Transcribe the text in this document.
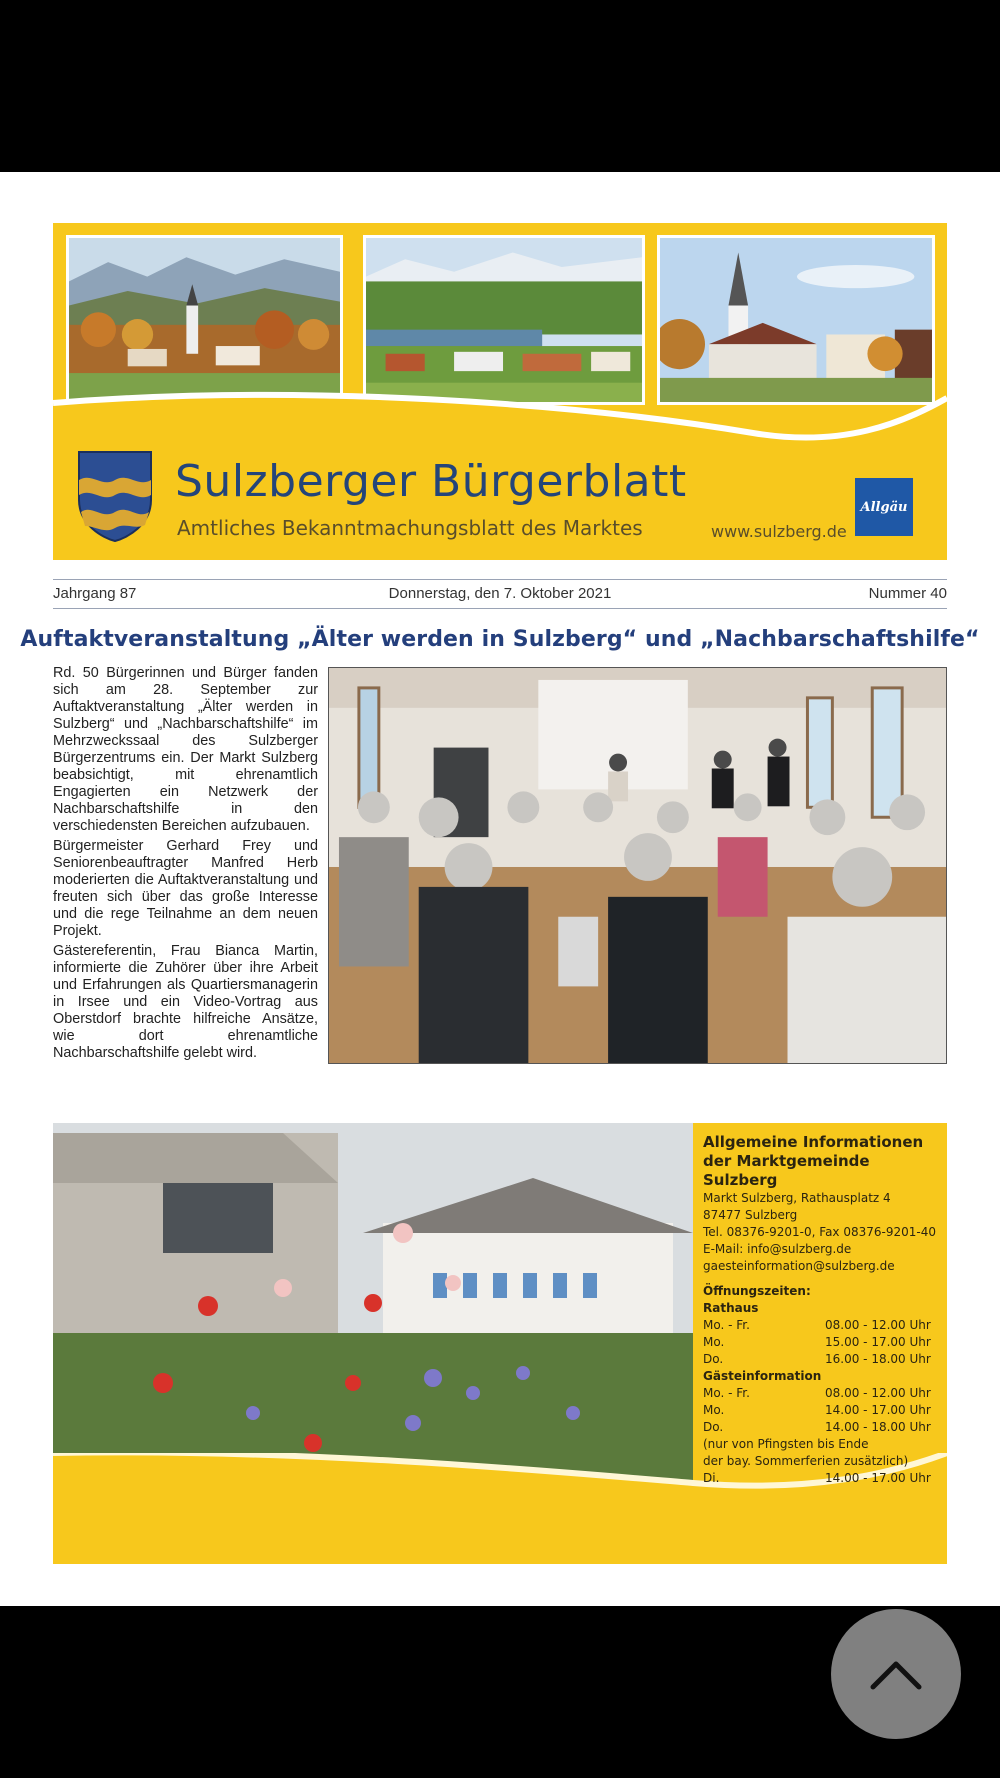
Sulzberger Bürgerblatt
Amtliches Bekanntmachungsblatt des Marktes	www.sulzberg.de
Allgäu
Donnerstag, den 7. Oktober 2021
Jahrgang 87	Nummer 40
Auftaktveranstaltung „Älter werden in Sulzberg“ und „Nachbarschaftshilfe“

Rd. 50 Bürgerinnen und Bürger fanden sich am 28. September zur Auftaktveranstaltung „Älter werden in Sulzberg“ und „Nachbarschaftshilfe“ im Mehrzweckssaal des Sulzberger Bürgerzentrums ein. Der Markt Sulzberg beabsichtigt, mit ehrenamtlich Engagierten ein Netzwerk der Nachbarschaftshilfe in den verschiedensten Bereichen aufzubauen.

Bürgermeister Gerhard Frey und Seniorenbeauftragter Manfred Herb moderierten die Auftaktveranstaltung und freuten sich über das große Interesse und die rege Teilnahme an dem neuen Projekt.

Gästereferentin, Frau Bianca Martin, informierte die Zuhörer über ihre Arbeit und Erfahrungen als Quartiersmanagerin in Irsee und ein Video-Vortrag aus Oberstdorf brachte hilfreiche Ansätze, wie dort ehrenamtliche Nachbarschaftshilfe gelebt wird.

Allgemeine Informationen
der Marktgemeinde Sulzberg
Markt Sulzberg, Rathausplatz 4
87477 Sulzberg
Tel. 08376-9201-0, Fax 08376-9201-40
E-Mail: info@sulzberg.de
gaesteinformation@sulzberg.de
Öffnungszeiten:
Rathaus
Mo. - Fr.	08.00 - 12.00 Uhr
Mo.	15.00 - 17.00 Uhr
Do.	16.00 - 18.00 Uhr
Gästeinformation
Mo. - Fr.	08.00 - 12.00 Uhr
Mo.	14.00 - 17.00 Uhr
Do.	14.00 - 18.00 Uhr
(nur von Pfingsten bis Ende
der bay. Sommerferien zusätzlich)
Di.	14.00 - 17.00 Uhr
